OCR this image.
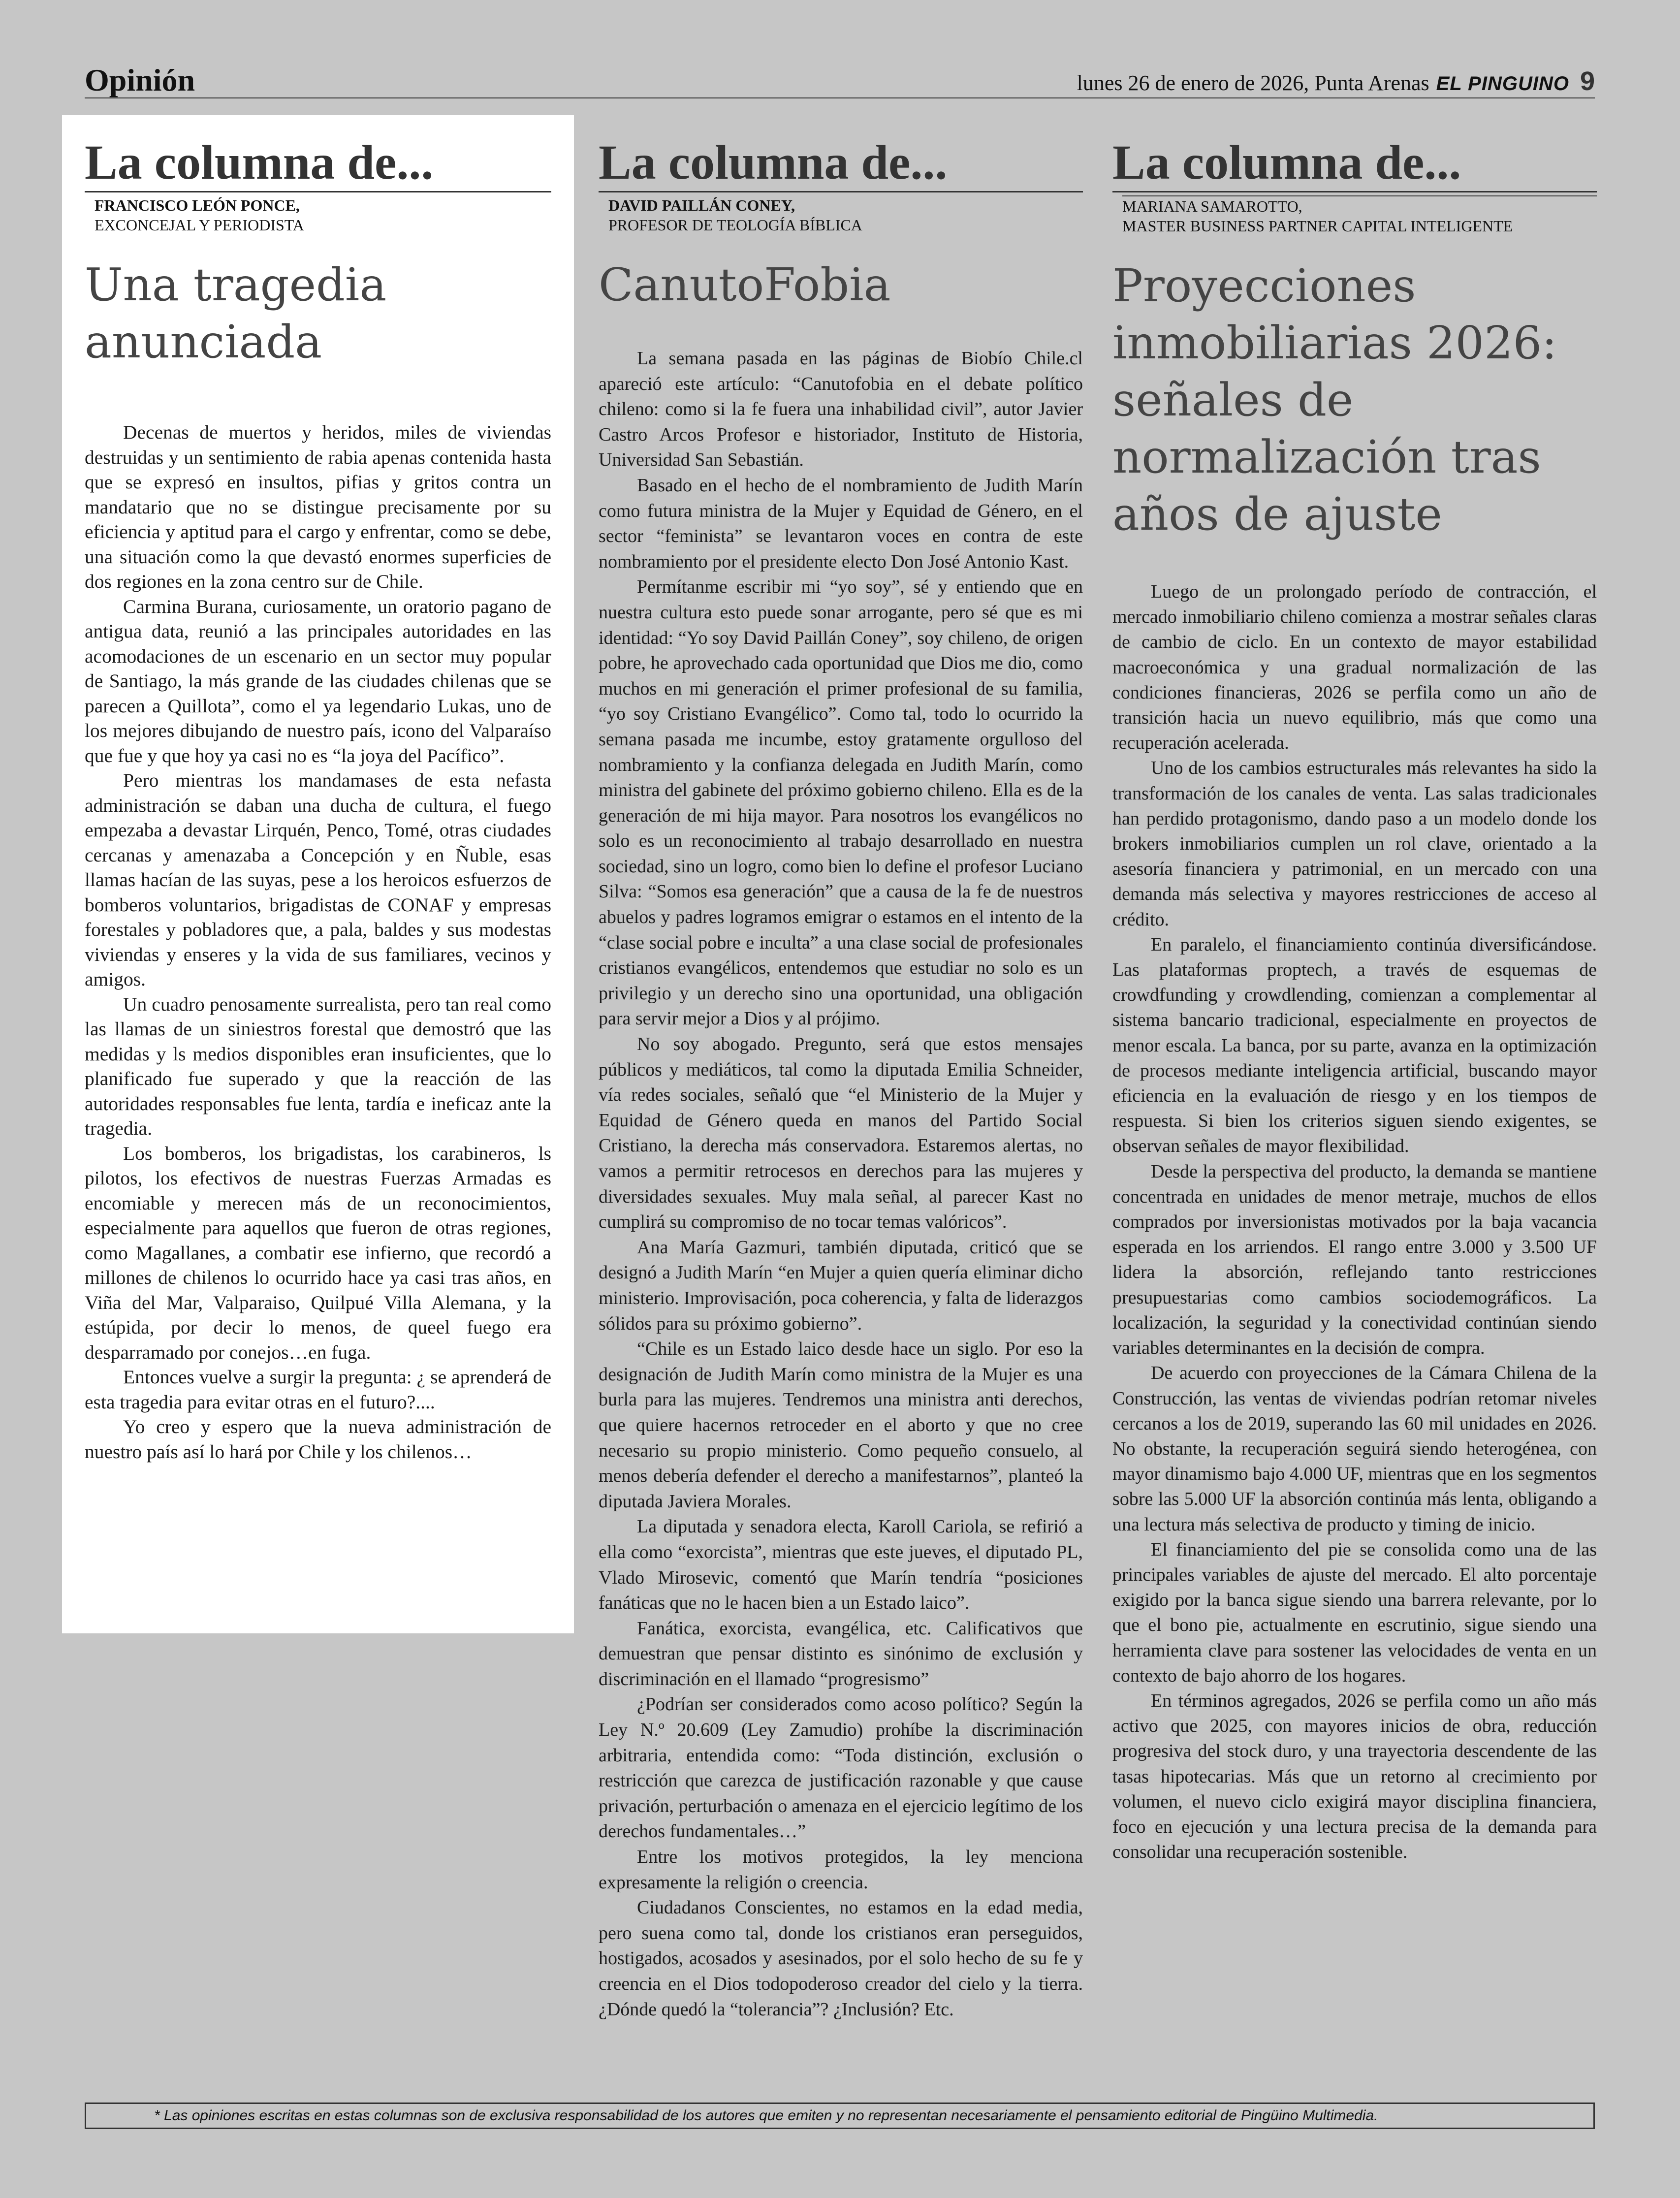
Opinión	lunes 26 de enero de 2026, Punta Arenas EL PINGUINO 9
La columna de...
FRANCISCO LEÓN PONCE,
EXCONCEJAL Y PERIODISTA
Una tragedia anunciada

Decenas de muertos y heridos, miles de viviendas destruidas y un sentimiento de rabia apenas contenida hasta que se expresó en insultos, pifias y gritos contra un mandatario que no se distingue precisamente por su eficiencia y aptitud para el cargo y enfrentar, como se debe, una situación como la que devastó enormes superficies de dos regiones en la zona centro sur de Chile.

Carmina Burana, curiosamente, un oratorio pagano de antigua data, reunió a las principales autoridades en las acomodaciones de un escenario en un sector muy popular de Santiago, la más grande de las ciudades chilenas que se parecen a Quillota”, como el ya legendario Lukas, uno de los mejores dibujando de nuestro país, icono del Valparaíso que fue y que hoy ya casi no es “la joya del Pacífico”.

Pero mientras los mandamases de esta nefasta administración se daban una ducha de cultura, el fuego empezaba a devastar Lirquén, Penco, Tomé, otras ciudades cercanas y amenazaba a Concepción y en Ñuble, esas llamas hacían de las suyas, pese a los heroicos esfuerzos de bomberos voluntarios, brigadistas de CONAF y empresas forestales y pobladores que, a pala, baldes y sus modestas viviendas y enseres y la vida de sus familiares, vecinos y amigos.

Un cuadro penosamente surrealista, pero tan real como las llamas de un siniestros forestal que demostró que las medidas y ls medios disponibles eran insuficientes, que lo planificado fue superado y que la reacción de las autoridades responsables fue lenta, tardía e ineficaz ante la tragedia.

Los bomberos, los brigadistas, los carabineros, ls pilotos, los efectivos de nuestras Fuerzas Armadas es encomiable y merecen más de un reconocimientos, especialmente para aquellos que fueron de otras regiones, como Magallanes, a combatir ese infierno, que recordó a millones de chilenos lo ocurrido hace ya casi tras años, en Viña del Mar, Valparaiso, Quilpué Villa Alemana, y la estúpida, por decir lo menos, de queel fuego era desparramado por conejos…en fuga.

Entonces vuelve a surgir la pregunta: ¿ se aprenderá de esta tragedia para evitar otras en el futuro?....

Yo creo y espero que la nueva administración de nuestro país así lo hará por Chile y los chilenos…

La columna de...
DAVID PAILLÁN CONEY,
PROFESOR DE TEOLOGÍA BÍBLICA
CanutoFobia

La semana pasada en las páginas de Biobío Chile.cl apareció este artículo: “Canutofobia en el debate político chileno: como si la fe fuera una inhabilidad civil”, autor Javier Castro Arcos Profesor e historiador, Instituto de Historia, Universidad San Sebastián.

Basado en el hecho de el nombramiento de Judith Marín como futura ministra de la Mujer y Equidad de Género, en el sector “feminista” se levantaron voces en contra de este nombramiento por el presidente electo Don José Antonio Kast.

Permítanme escribir mi “yo soy”, sé y entiendo que en nuestra cultura esto puede sonar arrogante, pero sé que es mi identidad: “Yo soy David Paillán Coney”, soy chileno, de origen pobre, he aprovechado cada oportunidad que Dios me dio, como muchos en mi generación el primer profesional de su familia, “yo soy Cristiano Evangélico”. Como tal, todo lo ocurrido la semana pasada me incumbe, estoy gratamente orgulloso del nombramiento y la confianza delegada en Judith Marín, como ministra del gabinete del próximo gobierno chileno. Ella es de la generación de mi hija mayor. Para nosotros los evangélicos no solo es un reconocimiento al trabajo desarrollado en nuestra sociedad, sino un logro, como bien lo define el profesor Luciano Silva: “Somos esa generación” que a causa de la fe de nuestros abuelos y padres logramos emigrar o estamos en el intento de la “clase social pobre e inculta” a una clase social de profesionales cristianos evangélicos, entendemos que estudiar no solo es un privilegio y un derecho sino una oportunidad, una obligación para servir mejor a Dios y al prójimo.

No soy abogado. Pregunto, será que estos mensajes públicos y mediáticos, tal como la diputada Emilia Schneider, vía redes sociales, señaló que “el Ministerio de la Mujer y Equidad de Género queda en manos del Partido Social Cristiano, la derecha más conservadora. Estaremos alertas, no vamos a permitir retrocesos en derechos para las mujeres y diversidades sexuales. Muy mala señal, al parecer Kast no cumplirá su compromiso de no tocar temas valóricos”.

Ana María Gazmuri, también diputada, criticó que se designó a Judith Marín “en Mujer a quien quería eliminar dicho ministerio. Improvisación, poca coherencia, y falta de liderazgos sólidos para su próximo gobierno”.

“Chile es un Estado laico desde hace un siglo. Por eso la designación de Judith Marín como ministra de la Mujer es una burla para las mujeres. Tendremos una ministra anti derechos, que quiere hacernos retroceder en el aborto y que no cree necesario su propio ministerio. Como pequeño consuelo, al menos debería defender el derecho a manifestarnos”, planteó la diputada Javiera Morales.

La diputada y senadora electa, Karoll Cariola, se refirió a ella como “exorcista”, mientras que este jueves, el diputado PL, Vlado Mirosevic, comentó que Marín tendría “posiciones fanáticas que no le hacen bien a un Estado laico”.

Fanática, exorcista, evangélica, etc. Calificativos que demuestran que pensar distinto es sinónimo de exclusión y discriminación en el llamado “progresismo”

¿Podrían ser considerados como acoso político? Según la Ley N.º 20.609 (Ley Zamudio) prohíbe la discriminación arbitraria, entendida como: “Toda distinción, exclusión o restricción que carezca de justificación razonable y que cause privación, perturbación o amenaza en el ejercicio legítimo de los derechos fundamentales…”

Entre los motivos protegidos, la ley menciona expresamente la religión o creencia.

Ciudadanos Conscientes, no estamos en la edad media, pero suena como tal, donde los cristianos eran perseguidos, hostigados, acosados y asesinados, por el solo hecho de su fe y creencia en el Dios todopoderoso creador del cielo y la tierra. ¿Dónde quedó la “tolerancia”? ¿Inclusión? Etc.

La columna de...
MARIANA SAMAROTTO,
MASTER BUSINESS PARTNER CAPITAL INTELIGENTE
Proyecciones inmobiliarias 2026: señales de normalización tras años de ajuste

Luego de un prolongado período de contracción, el mercado inmobiliario chileno comienza a mostrar señales claras de cambio de ciclo. En un contexto de mayor estabilidad macroeconómica y una gradual normalización de las condiciones financieras, 2026 se perfila como un año de transición hacia un nuevo equilibrio, más que como una recuperación acelerada.

Uno de los cambios estructurales más relevantes ha sido la transformación de los canales de venta. Las salas tradicionales han perdido protagonismo, dando paso a un modelo donde los brokers inmobiliarios cumplen un rol clave, orientado a la asesoría financiera y patrimonial, en un mercado con una demanda más selectiva y mayores restricciones de acceso al crédito.

En paralelo, el financiamiento continúa diversificándose. Las plataformas proptech, a través de esquemas de crowdfunding y crowdlending, comienzan a complementar al sistema bancario tradicional, especialmente en proyectos de menor escala. La banca, por su parte, avanza en la optimización de procesos mediante inteligencia artificial, buscando mayor eficiencia en la evaluación de riesgo y en los tiempos de respuesta. Si bien los criterios siguen siendo exigentes, se observan señales de mayor flexibilidad.

Desde la perspectiva del producto, la demanda se mantiene concentrada en unidades de menor metraje, muchos de ellos comprados por inversionistas motivados por la baja vacancia esperada en los arriendos. El rango entre 3.000 y 3.500 UF lidera la absorción, reflejando tanto restricciones presupuestarias como cambios sociodemográficos. La localización, la seguridad y la conectividad continúan siendo variables determinantes en la decisión de compra.

De acuerdo con proyecciones de la Cámara Chilena de la Construcción, las ventas de viviendas podrían retomar niveles cercanos a los de 2019, superando las 60 mil unidades en 2026. No obstante, la recuperación seguirá siendo heterogénea, con mayor dinamismo bajo 4.000 UF, mientras que en los segmentos sobre las 5.000 UF la absorción continúa más lenta, obligando a una lectura más selectiva de producto y timing de inicio.

El financiamiento del pie se consolida como una de las principales variables de ajuste del mercado. El alto porcentaje exigido por la banca sigue siendo una barrera relevante, por lo que el bono pie, actualmente en escrutinio, sigue siendo una herramienta clave para sostener las velocidades de venta en un contexto de bajo ahorro de los hogares.

En términos agregados, 2026 se perfila como un año más activo que 2025, con mayores inicios de obra, reducción progresiva del stock duro, y una trayectoria descendente de las tasas hipotecarias. Más que un retorno al crecimiento por volumen, el nuevo ciclo exigirá mayor disciplina financiera, foco en ejecución y una lectura precisa de la demanda para consolidar una recuperación sostenible.

* Las opiniones escritas en estas columnas son de exclusiva responsabilidad de los autores que emiten y no representan necesariamente el pensamiento editorial de Pingüino Multimedia.
